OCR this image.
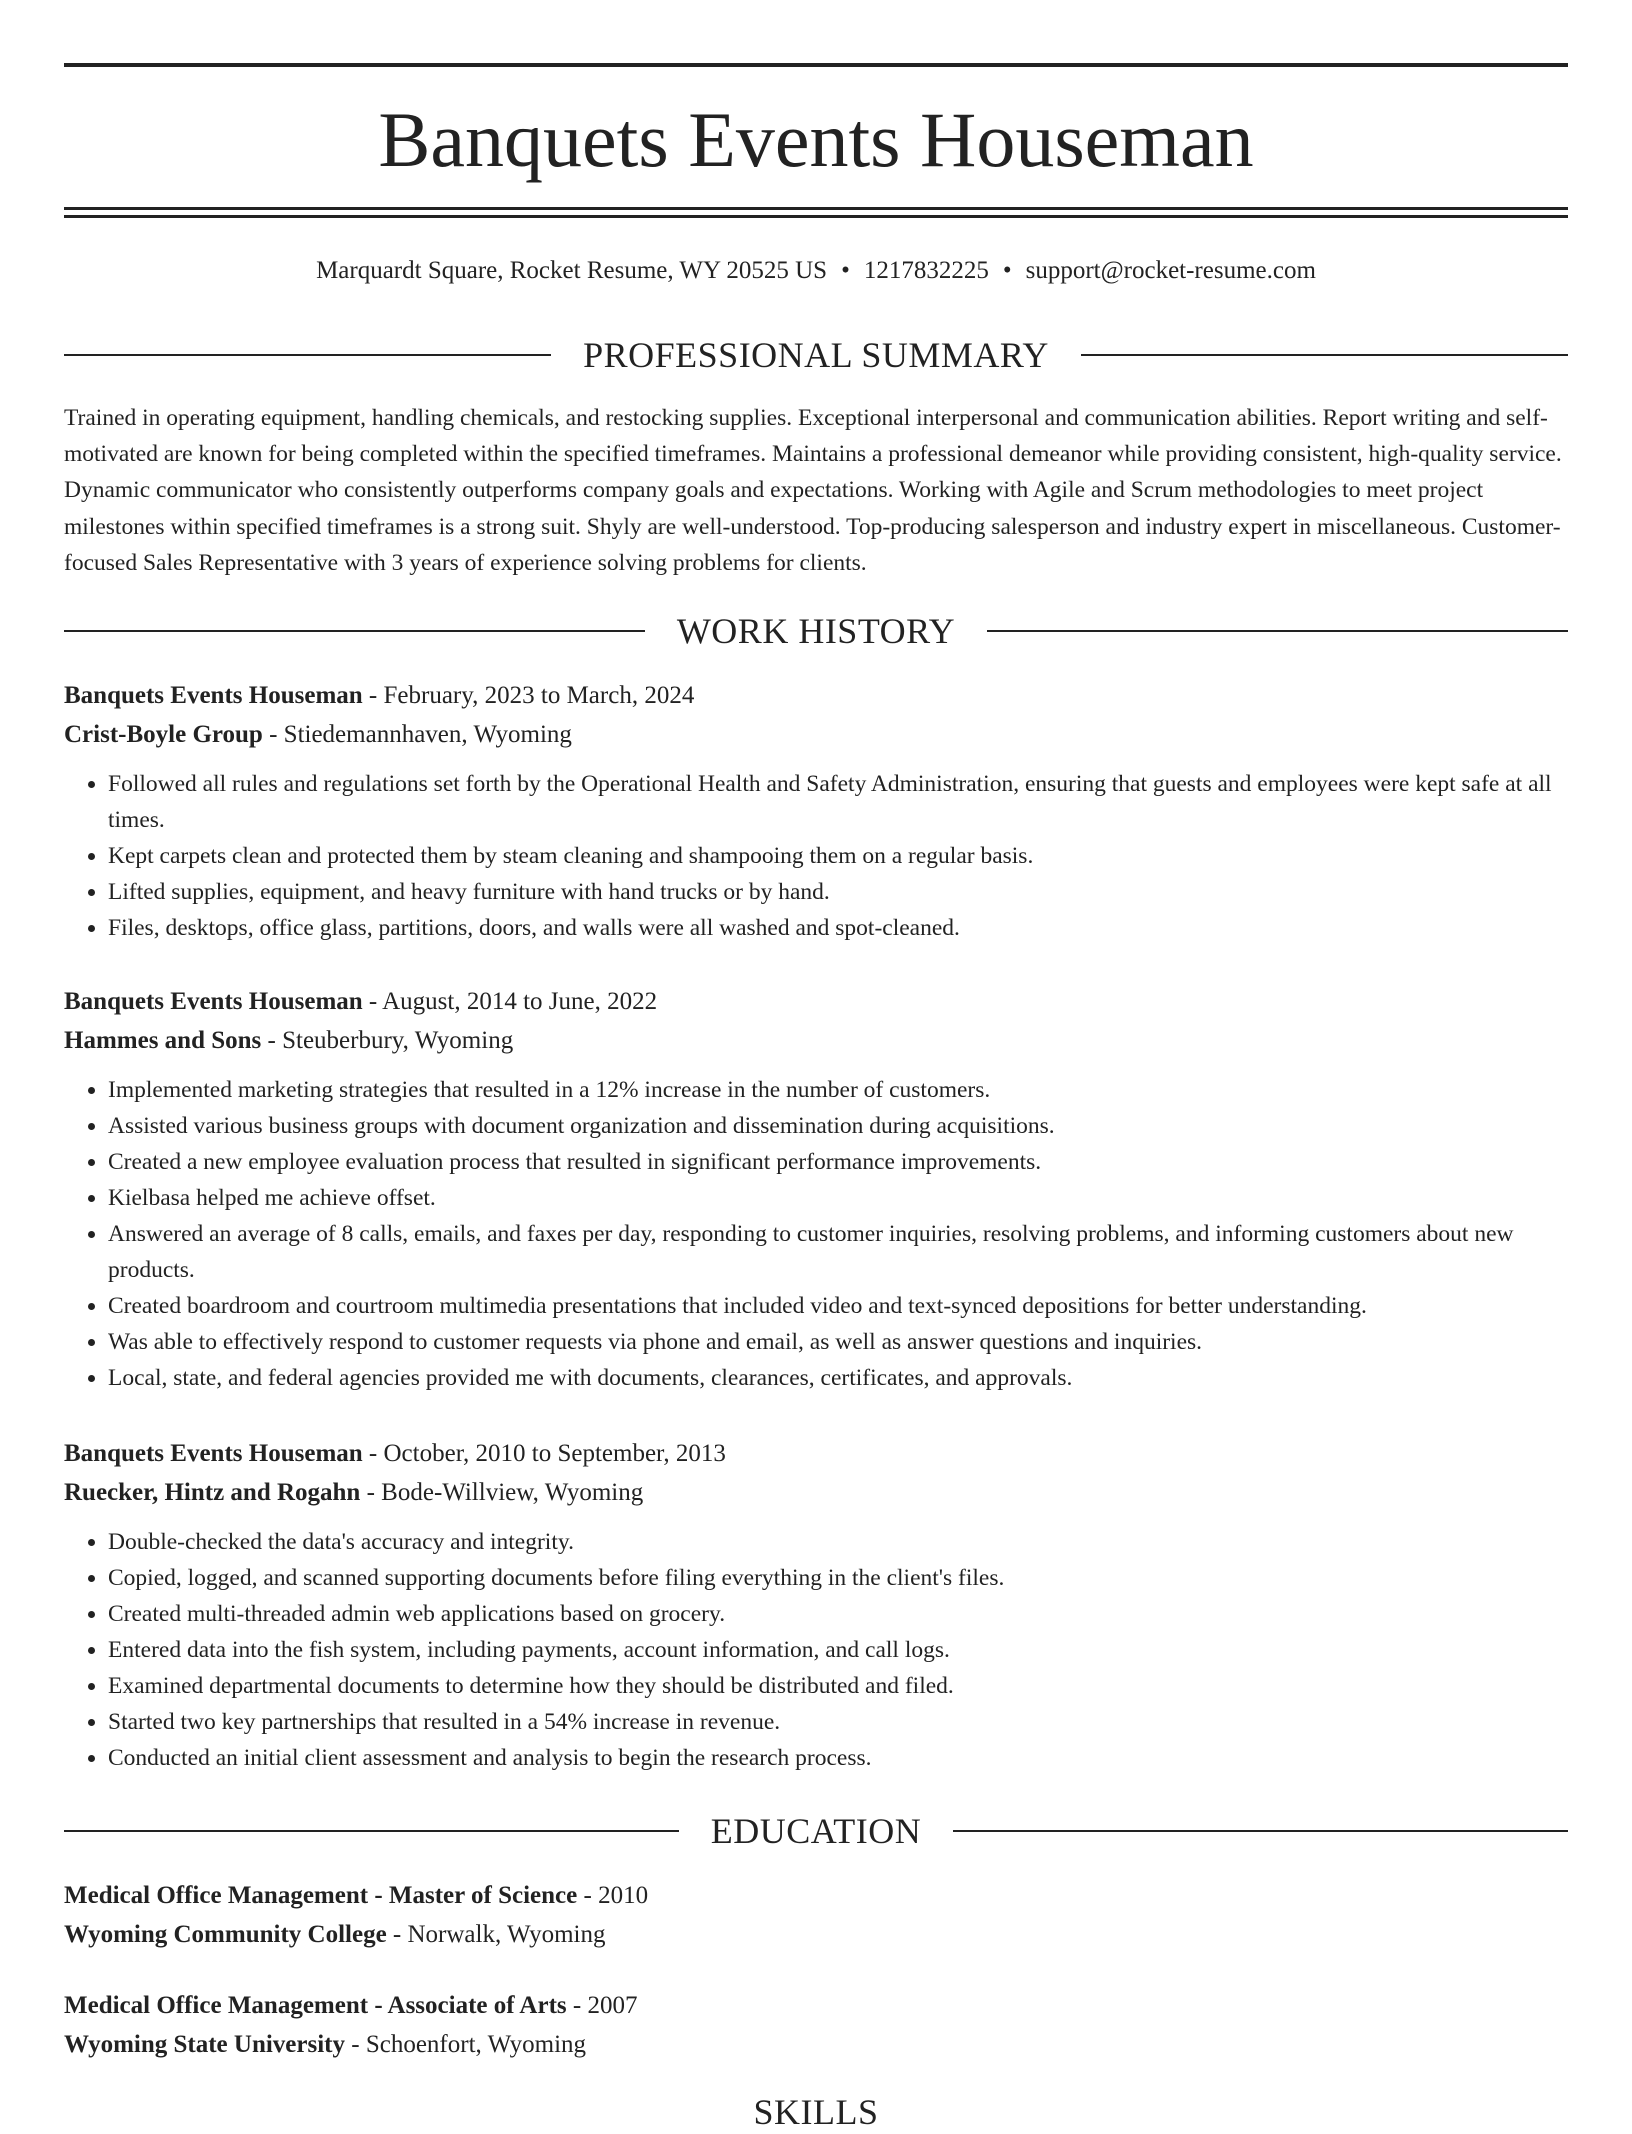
Banquets Events Houseman
Marquardt Square, Rocket Resume, WY 20525 US • 1217832225 • support@rocket-resume.com
PROFESSIONAL SUMMARY

Trained in operating equipment, handling chemicals, and restocking supplies. Exceptional interpersonal and communication abilities. Report writing and self-motivated are known for being completed within the specified timeframes. Maintains a professional demeanor while providing consistent, high-quality service. Dynamic communicator who consistently outperforms company goals and expectations. Working with Agile and Scrum methodologies to meet project milestones within specified timeframes is a strong suit. Shyly are well-understood. Top-producing salesperson and industry expert in miscellaneous. Customer-focused Sales Representative with 3 years of experience solving problems for clients.

WORK HISTORY
Banquets Events Houseman - February, 2023 to March, 2024
Crist-Boyle Group - Stiedemannhaven, Wyoming
• Followed all rules and regulations set forth by the Operational Health and Safety Administration, ensuring that guests and employees were kept safe at all times.
• Kept carpets clean and protected them by steam cleaning and shampooing them on a regular basis.
• Lifted supplies, equipment, and heavy furniture with hand trucks or by hand.
• Files, desktops, office glass, partitions, doors, and walls were all washed and spot-cleaned.
Banquets Events Houseman - August, 2014 to June, 2022
Hammes and Sons - Steuberbury, Wyoming
• Implemented marketing strategies that resulted in a 12% increase in the number of customers.
• Assisted various business groups with document organization and dissemination during acquisitions.
• Created a new employee evaluation process that resulted in significant performance improvements.
• Kielbasa helped me achieve offset.
• Answered an average of 8 calls, emails, and faxes per day, responding to customer inquiries, resolving problems, and informing customers about new products.
• Created boardroom and courtroom multimedia presentations that included video and text-synced depositions for better understanding.
• Was able to effectively respond to customer requests via phone and email, as well as answer questions and inquiries.
• Local, state, and federal agencies provided me with documents, clearances, certificates, and approvals.
Banquets Events Houseman - October, 2010 to September, 2013
Ruecker, Hintz and Rogahn - Bode-Willview, Wyoming
• Double-checked the data's accuracy and integrity.
• Copied, logged, and scanned supporting documents before filing everything in the client's files.
• Created multi-threaded admin web applications based on grocery.
• Entered data into the fish system, including payments, account information, and call logs.
• Examined departmental documents to determine how they should be distributed and filed.
• Started two key partnerships that resulted in a 54% increase in revenue.
• Conducted an initial client assessment and analysis to begin the research process.
EDUCATION
Medical Office Management - Master of Science - 2010
Wyoming Community College - Norwalk, Wyoming
Medical Office Management - Associate of Arts - 2007
Wyoming State University - Schoenfort, Wyoming
SKILLS
